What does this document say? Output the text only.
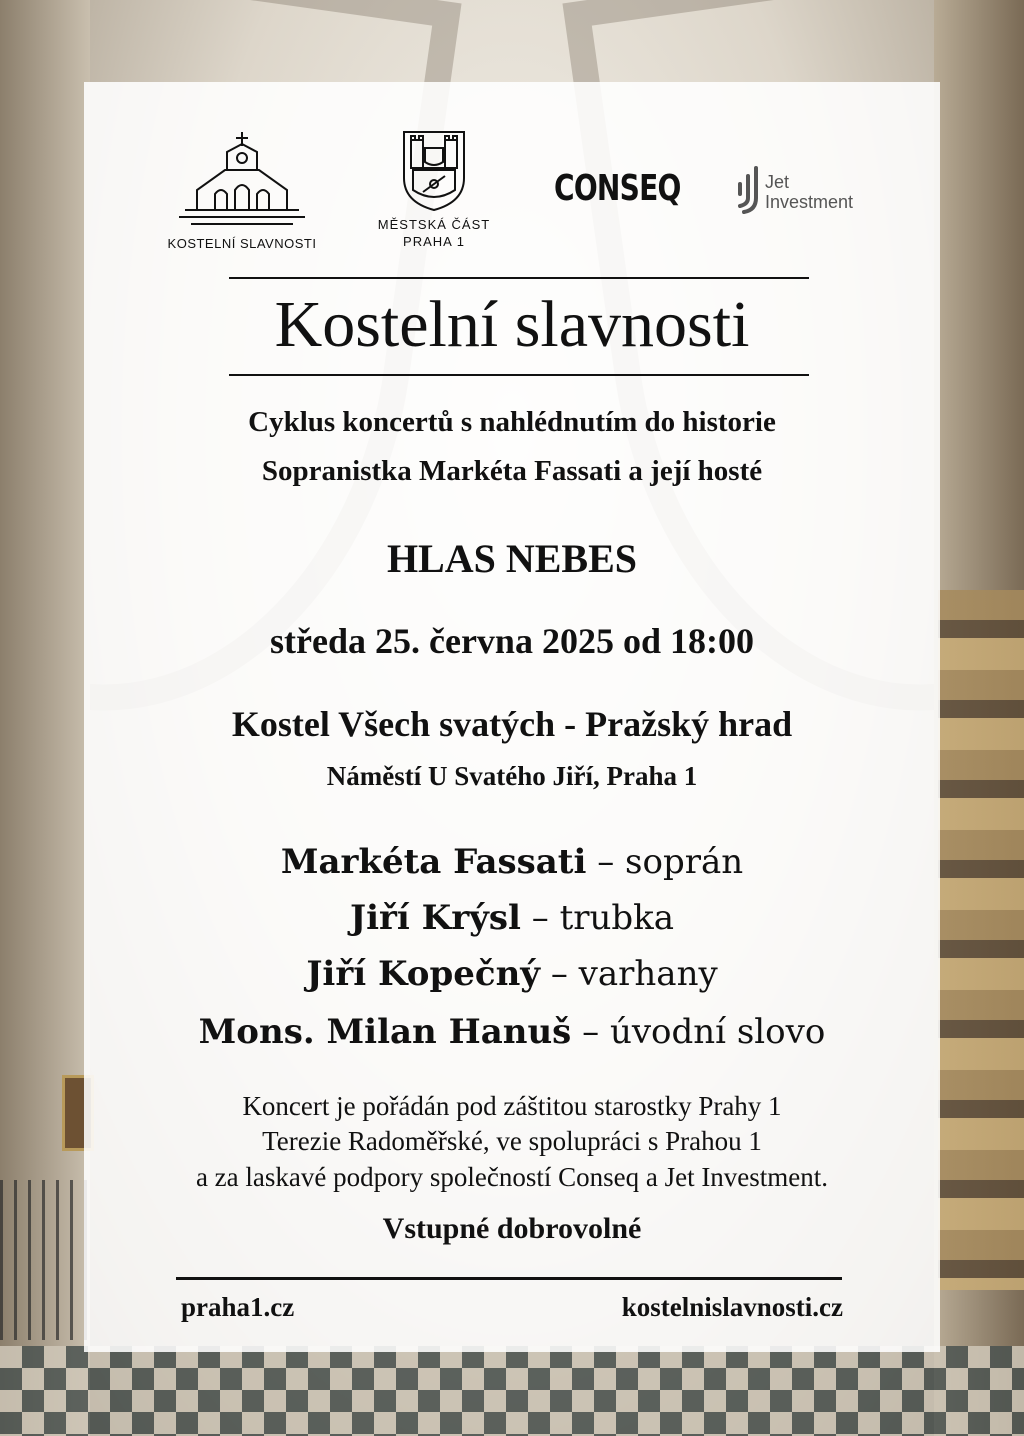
KOSTELNÍ SLAVNOSTI
MĚSTSKÁ ČÁST
PRAHA 1
CONSEQ	Jet
Investment
Kostelní slavnosti
Cyklus koncertů s nahlédnutím do historie
Sopranistka Markéta Fassati a její hosté
HLAS NEBES
středa 25. června 2025 od 18:00
Kostel Všech svatých - Pražský hrad
Náměstí U Svatého Jiří, Praha 1
Markéta Fassati – soprán
Jiří Krýsl – trubka
Jiří Kopečný – varhany
Mons. Milan Hanuš – úvodní slovo
Koncert je pořádán pod záštitou starostky Prahy 1
Terezie Radoměřské, ve spolupráci s Prahou 1
a za laskavé podpory společností Conseq a Jet Investment.
Vstupné dobrovolné
praha1.cz	kostelnislavnosti.cz
